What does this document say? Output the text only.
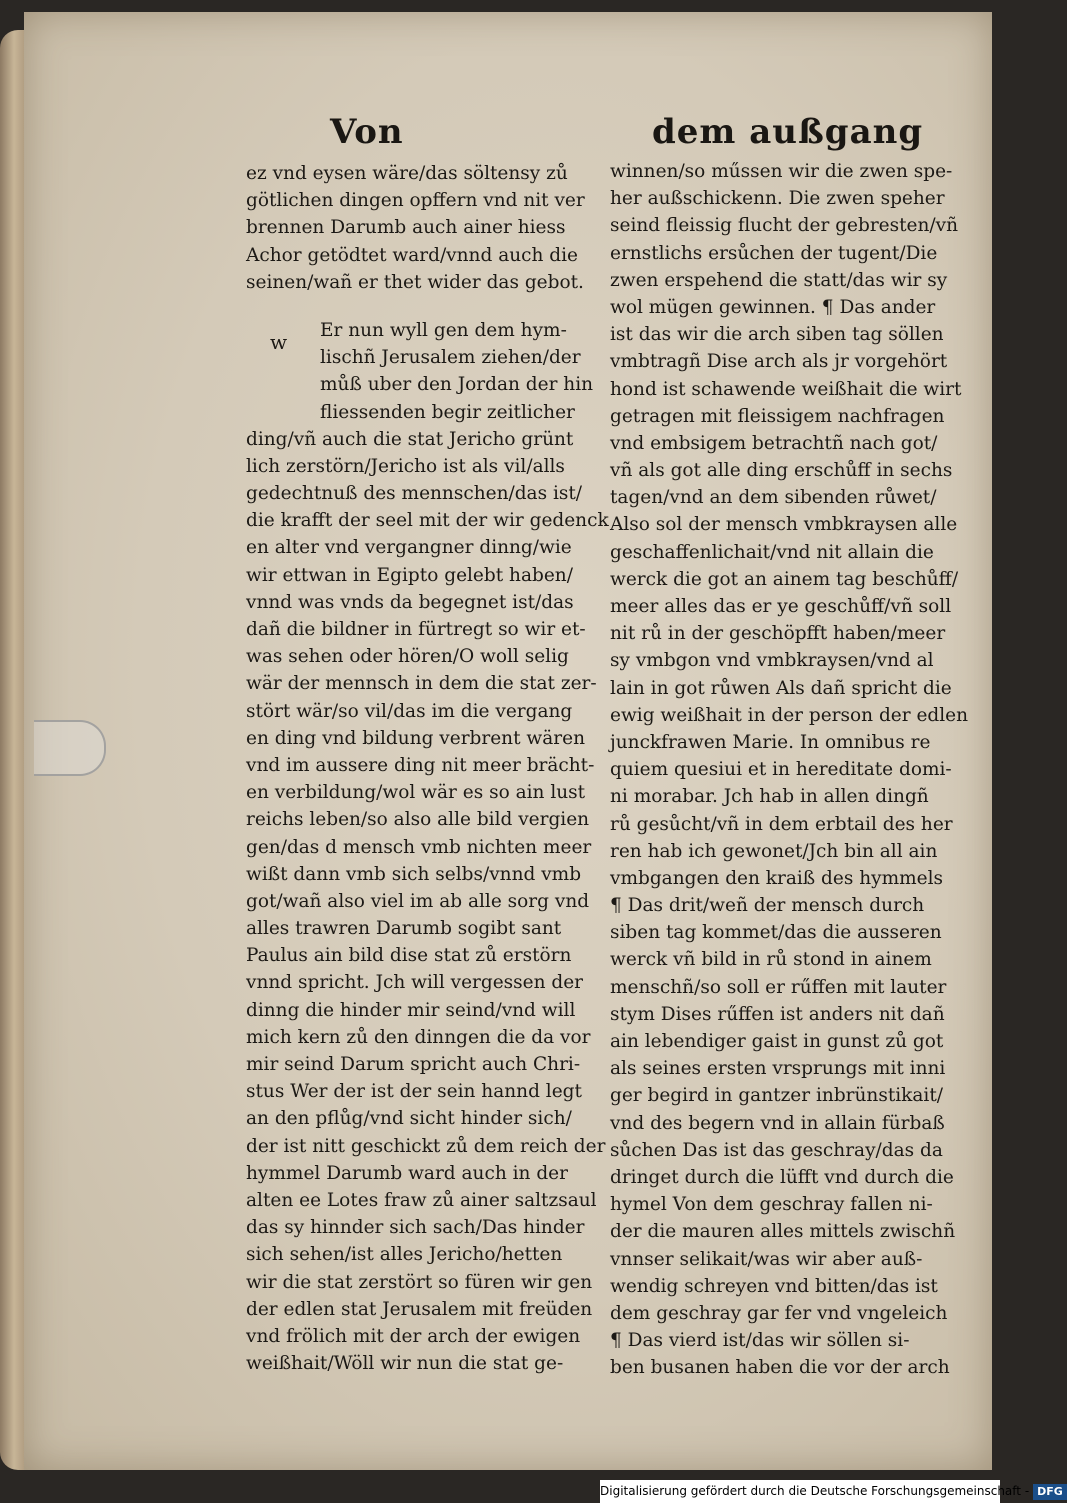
Von	dem außgang
w
ez vnd eysen wäre/das söltensy zů
götlichen dingen opffern vnd nit ver
brennen Darumb auch ainer hiess
Achor getödtet ward/vnnd auch die
seinen/wañ er thet wider das gebot.
Er nun wyll gen dem hym-
lischñ Jerusalem ziehen/der
můß uber den Jordan der hin
fliessenden begir zeitlicher
ding/vñ auch die stat Jericho grünt
lich zerstörn/Jericho ist als vil/alls
gedechtnuß des mennschen/das ist/
die krafft der seel mit der wir gedenck
en alter vnd vergangner dinng/wie
wir ettwan in Egipto gelebt haben/
vnnd was vnds da begegnet ist/das
dañ die bildner in fürtregt so wir et-
was sehen oder hören/O woll selig
wär der mennsch in dem die stat zer-
stört wär/so vil/das im die vergang
en ding vnd bildung verbrent wären
vnd im aussere ding nit meer brächt-
en verbildung/wol wär es so ain lust
reichs leben/so also alle bild vergien
gen/das d mensch vmb nichten meer
wißt dann vmb sich selbs/vnnd vmb
got/wañ also viel im ab alle sorg vnd
alles trawren Darumb sogibt sant
Paulus ain bild dise stat zů erstörn
vnnd spricht. Jch will vergessen der
dinng die hinder mir seind/vnd will
mich kern zů den dinngen die da vor
mir seind Darum spricht auch Chri-
stus Wer der ist der sein hannd legt
an den pflůg/vnd sicht hinder sich/
der ist nitt geschickt zů dem reich der
hymmel Darumb ward auch in der
alten ee Lotes fraw zů ainer saltzsaul
das sy hinnder sich sach/Das hinder
sich sehen/ist alles Jericho/hetten
wir die stat zerstört so füren wir gen
der edlen stat Jerusalem mit freüden
vnd frölich mit der arch der ewigen
weißhait/Wöll wir nun die stat ge-
winnen/so műssen wir die zwen spe-
her außschickenn. Die zwen speher
seind fleissig flucht der gebresten/vñ
ernstlichs ersůchen der tugent/Die
zwen erspehend die statt/das wir sy
wol mügen gewinnen. ¶ Das ander
ist das wir die arch siben tag söllen
vmbtragñ Dise arch als jr vorgehört
hond ist schawende weißhait die wirt
getragen mit fleissigem nachfragen
vnd embsigem betrachtñ nach got/
vñ als got alle ding erschůff in sechs
tagen/vnd an dem sibenden růwet/
Also sol der mensch vmbkraysen alle
geschaffenlichait/vnd nit allain die
werck die got an ainem tag beschůff/
meer alles das er ye geschůff/vñ soll
nit rů in der geschöpfft haben/meer
sy vmbgon vnd vmbkraysen/vnd al
lain in got růwen Als dañ spricht die
ewig weißhait in der person der edlen
junckfrawen Marie. In omnibus re
quiem quesiui et in hereditate domi-
ni morabar. Jch hab in allen dingñ
rů gesůcht/vñ in dem erbtail des her
ren hab ich gewonet/Jch bin all ain
vmbgangen den kraiß des hymmels
¶ Das drit/weñ der mensch durch
siben tag kommet/das die ausseren
werck vñ bild in rů stond in ainem
menschñ/so soll er rűffen mit lauter
stym Dises rűffen ist anders nit dañ
ain lebendiger gaist in gunst zů got
als seines ersten vrsprungs mit inni
ger begird in gantzer inbrünstikait/
vnd des begern vnd in allain fürbaß
sůchen Das ist das geschray/das da
dringet durch die lüfft vnd durch die
hymel Von dem geschray fallen ni-
der die mauren alles mittels zwischñ
vnnser selikait/was wir aber auß-
wendig schreyen vnd bitten/das ist
dem geschray gar fer vnd vngeleich
¶ Das vierd ist/das wir söllen si-
ben busanen haben die vor der arch
Digitalisierung gefördert durch die Deutsche Forschungsgemeinschaft - DFG
